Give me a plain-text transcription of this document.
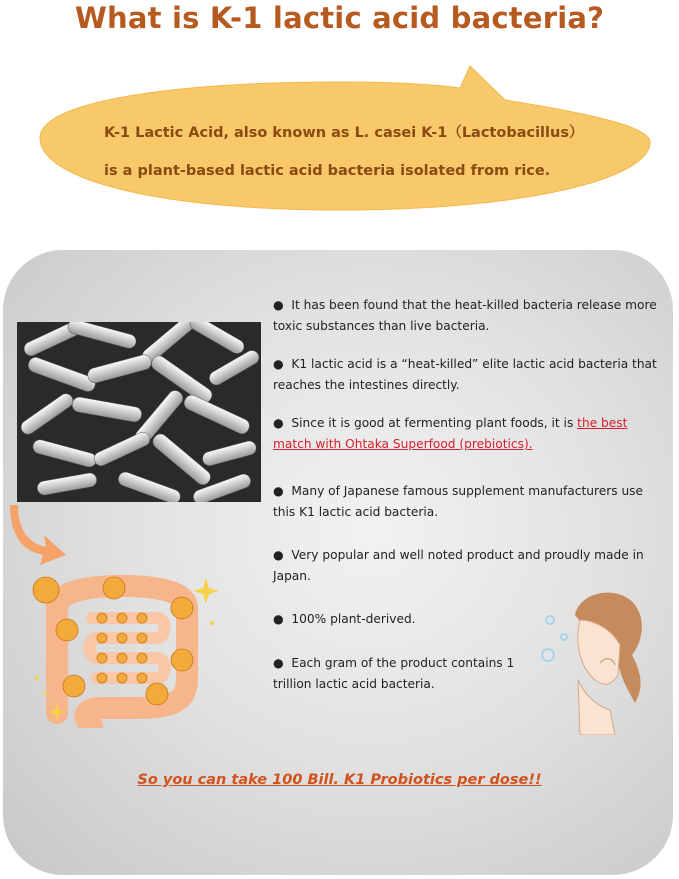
What is K-1 lactic acid bacteria?
K-1 Lactic Acid, also known as L. casei K-1（Lactobacillus）
is a plant-based lactic acid bacteria isolated from rice.
● It has been found that the heat-killed bacteria release more toxic substances than live bacteria.
● K1 lactic acid is a “heat-killed” elite lactic acid bacteria that reaches the intestines directly.
● Since it is good at fermenting plant foods, it is the best match with Ohtaka Superfood (prebiotics).
● Many of Japanese famous supplement manufacturers use this K1 lactic acid bacteria.
● Very popular and well noted product and proudly made in Japan.
● 100% plant-derived.
● Each gram of the product contains 1 trillion lactic acid bacteria.
So you can take 100 Bill. K1 Probiotics per dose!!
